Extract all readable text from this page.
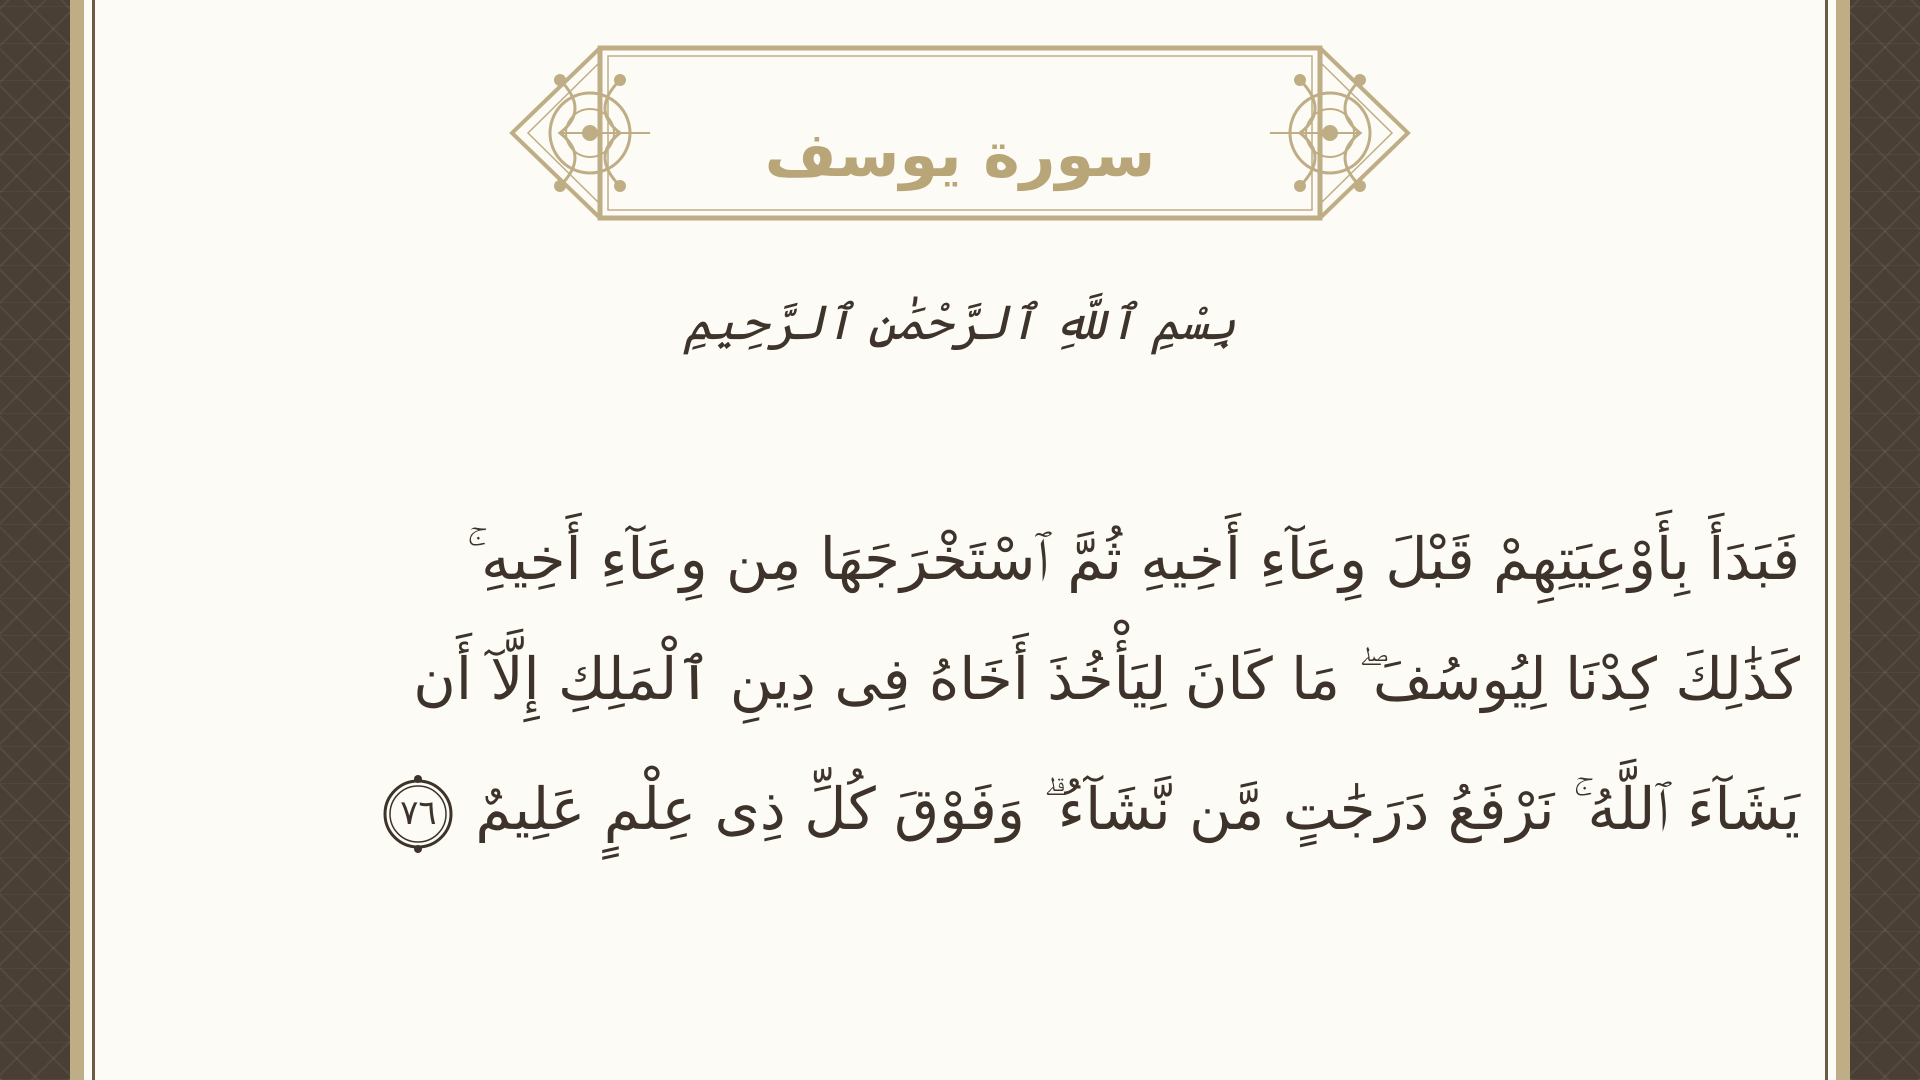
سورة يوسف
بِسْمِ ٱللَّهِ ٱلرَّحْمَٰنِ ٱلرَّحِيمِ
فَبَدَأَ بِأَوْعِيَتِهِمْ قَبْلَ وِعَآءِ أَخِيهِ ثُمَّ ٱسْتَخْرَجَهَا مِن وِعَآءِ أَخِيهِ ۚ
كَذَٰلِكَ كِدْنَا لِيُوسُفَ ۖ مَا كَانَ لِيَأْخُذَ أَخَاهُ فِى دِينِ ٱلْمَلِكِ إِلَّآ أَن
يَشَآءَ ٱللَّهُ ۚ نَرْفَعُ دَرَجَٰتٍ مَّن نَّشَآءُ ۗ وَفَوْقَ كُلِّ ذِى عِلْمٍ عَلِيمٌ
٧٦
